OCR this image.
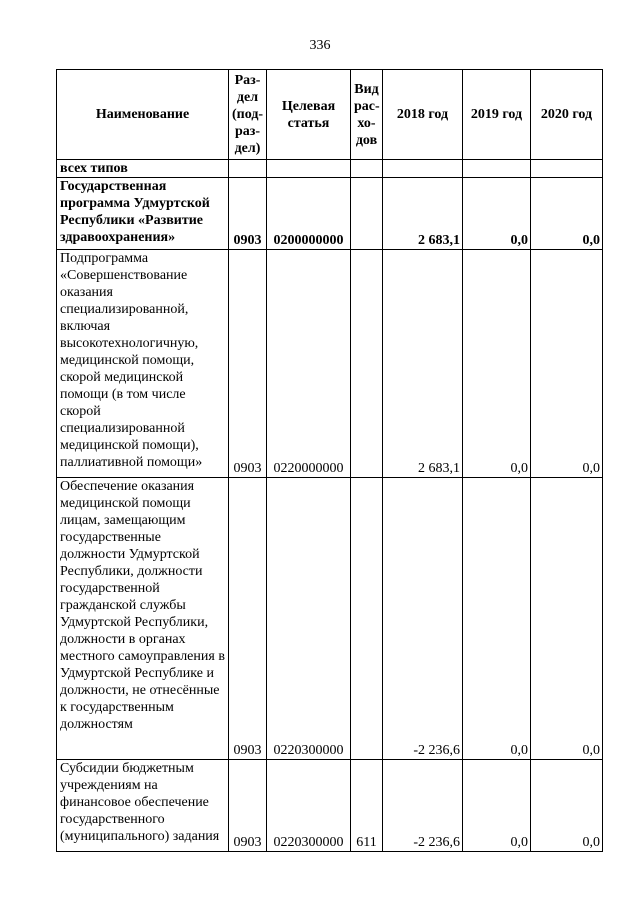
336
Наименование	Раз-дел (под-раз-дел)	Целевая статья	Вид рас-хо-дов	2018 год	2019 год	2020 год
всех типов						
Государственная программа Удмуртской Республики «Развитие здравоохранения»	0903	0200000000		2 683,1	0,0	0,0
Подпрограмма «Совершенствование оказания специализированной, включая высокотехнологичную, медицинской помощи, скорой медицинской помощи (в том числе скорой специализированной медицинской помощи), паллиативной помощи»	0903	0220000000		2 683,1	0,0	0,0
Обеспечение оказания медицинской помощи лицам, замещающим государственные должности Удмуртской Республики, должности государственной гражданской службы Удмуртской Республики, должности в органах местного самоуправления в Удмуртской Республике и должности, не отнесённые к государственным должностям	0903	0220300000		-2 236,6	0,0	0,0
Субсидии бюджетным учреждениям на финансовое обеспечение государственного (муниципального) задания	0903	0220300000	611	-2 236,6	0,0	0,0
